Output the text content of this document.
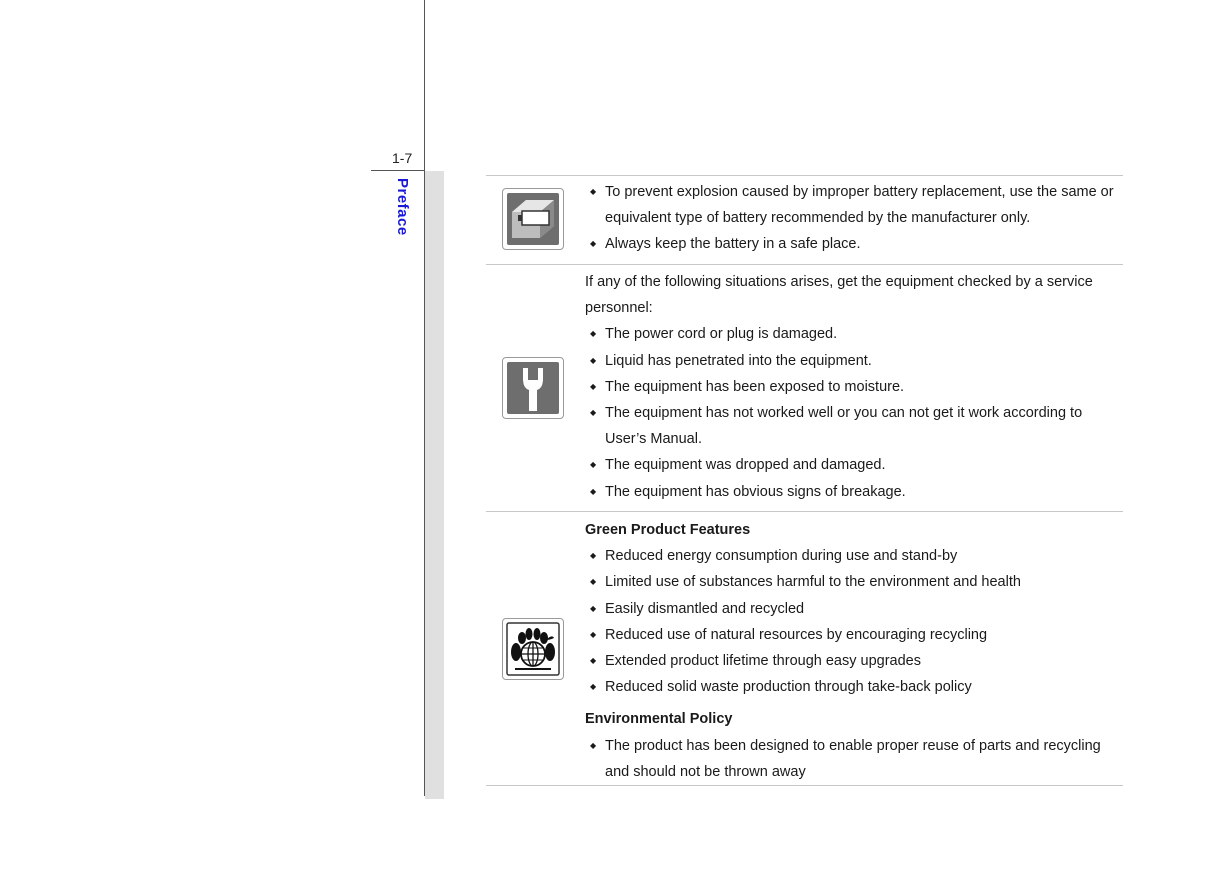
1-7
Preface
◆	To prevent explosion caused by improper battery replacement, use the same or equivalent type of battery recommended by the manufacturer only.
◆ Always keep the battery in a safe place.

If any of the following situations arises, get the equipment checked by a service personnel:

◆ The power cord or plug is damaged.
◆ Liquid has penetrated into the equipment.
◆ The equipment has been exposed to moisture.
◆ The equipment has not worked well or you can not get it work according to User’s Manual.
◆ The equipment was dropped and damaged.
◆ The equipment has obvious signs of breakage.

Green Product Features

◆ Reduced energy consumption during use and stand-by
◆ Limited use of substances harmful to the environment and health
◆ Easily dismantled and recycled
◆ Reduced use of natural resources by encouraging recycling
◆ Extended product lifetime through easy upgrades
◆ Reduced solid waste production through take-back policy

Environmental Policy

◆ The product has been designed to enable proper reuse of parts and recycling and should not be thrown away
